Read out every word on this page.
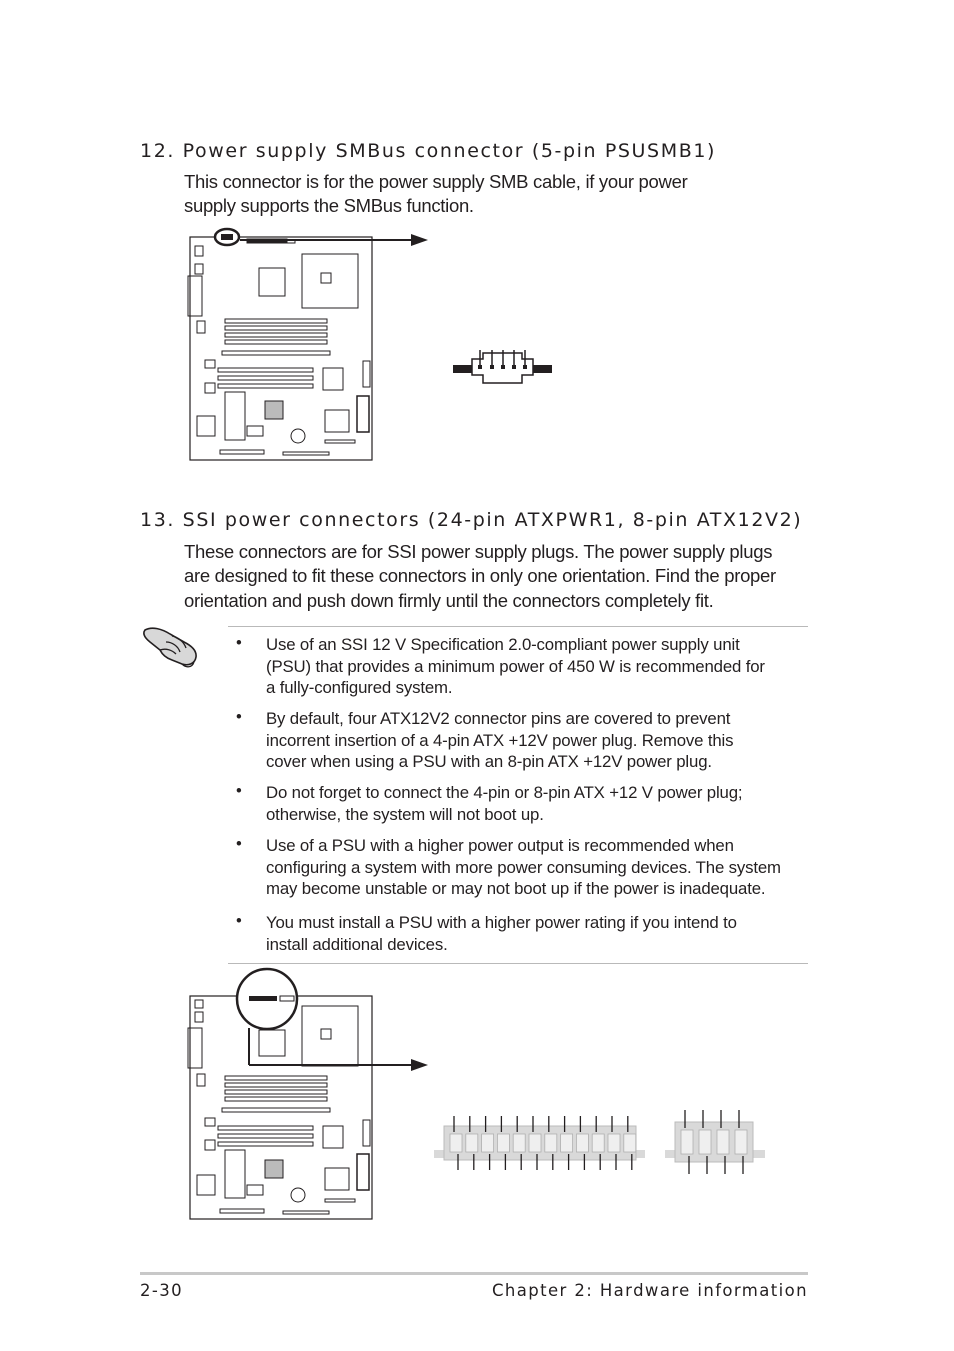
12. Power supply SMBus connector (5-pin PSUSMB1)
This connector is for the power supply SMB cable, if your power
supply supports the SMBus function.
13. SSI power connectors (24-pin ATXPWR1, 8-pin ATX12V2)
These connectors are for SSI power supply plugs. The power supply plugs
are designed to fit these connectors in only one orientation. Find the proper
orientation and push down firmly until the connectors completely fit.
• Use of an SSI 12 V Specification 2.0-compliant power supply unit
(PSU) that provides a minimum power of 450 W is recommended for
a fully-configured system.
• By default, four ATX12V2 connector pins are covered to prevent
incorrent insertion of a 4-pin ATX +12V power plug. Remove this
cover when using a PSU with an 8-pin ATX +12V power plug.
• Do not forget to connect the 4-pin or 8-pin ATX +12 V power plug;
otherwise, the system will not boot up.
• Use of a PSU with a higher power output is recommended when
configuring a system with more power consuming devices. The system
may become unstable or may not boot up if the power is inadequate.
• You must install a PSU with a higher power rating if you intend to
install additional devices.
2-30	Chapter 2: Hardware information
